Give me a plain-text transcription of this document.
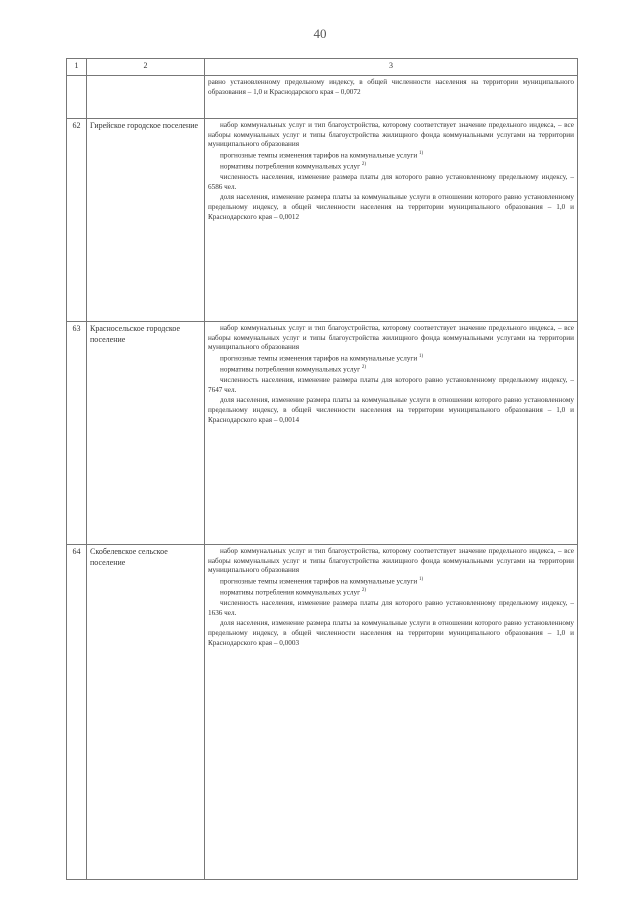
40
1	2	3

		равно установленному предельному индексу, в общей численности населения на территории муниципального образования – 1,0 и Краснодарского края – 0,0072

62	Гирейское городское поселение	набор коммунальных услуг и тип благоустройства, которому соответствует значение предельного индекса, – все наборы коммунальных услуг и типы благоустройства жилищного фонда коммунальными услугами на территории муниципального образования

прогнозные темпы изменения тарифов на коммунальные услуги $^{1)}$

нормативы потребления коммунальных услуг $^{2)}$

численность населения, изменение размера платы для которого равно установленному предельному индексу, – 6586 чел.

доля населения, изменение размера платы за коммунальные услуги в отношении которого равно установленному предельному индексу, в общей численности населения на территории муниципального образования – 1,0 и Краснодарского края – 0,0012

63	Красносельское городское поселение	набор коммунальных услуг и тип благоустройства, которому соответствует значение предельного индекса, – все наборы коммунальных услуг и типы благоустройства жилищного фонда коммунальными услугами на территории муниципального образования

прогнозные темпы изменения тарифов на коммунальные услуги $^{1)}$

нормативы потребления коммунальных услуг $^{2)}$

численность населения, изменение размера платы для которого равно установленному предельному индексу, – 7647 чел.

доля населения, изменение размера платы за коммунальные услуги в отношении которого равно установленному предельному индексу, в общей численности населения на территории муниципального образования – 1,0 и Краснодарского края – 0,0014

64	Скобелевское сельское поселение	набор коммунальных услуг и тип благоустройства, которому соответствует значение предельного индекса, – все наборы коммунальных услуг и типы благоустройства жилищного фонда коммунальными услугами на территории муниципального образования

прогнозные темпы изменения тарифов на коммунальные услуги $^{1)}$

нормативы потребления коммунальных услуг $^{2)}$

численность населения, изменение размера платы для которого равно установленному предельному индексу, – 1636 чел.

доля населения, изменение размера платы за коммунальные услуги в отношении которого равно установленному предельному индексу, в общей численности населения на территории муниципального образования – 1,0 и Краснодарского края – 0,0003
